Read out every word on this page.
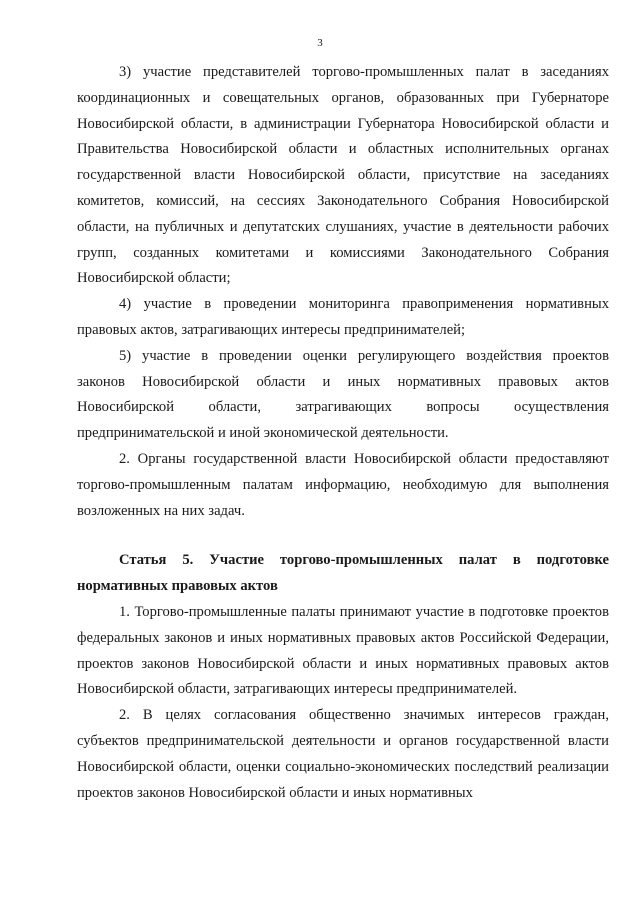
3

3) участие представителей торгово-промышленных палат в заседаниях координационных и совещательных органов, образованных при Губернаторе Новосибирской области, в администрации Губернатора Новосибирской области и Правительства Новосибирской области и областных исполнительных органах государственной власти Новосибирской области, присутствие на заседаниях комитетов, комиссий, на сессиях Законодательного Собрания Новосибирской области, на публичных и депутатских слушаниях, участие в деятельности рабочих групп, созданных комитетами и комиссиями Законодательного Собрания Новосибирской области;

4) участие в проведении мониторинга правоприменения нормативных правовых актов, затрагивающих интересы предпринимателей;

5) участие в проведении оценки регулирующего воздействия проектов законов Новосибирской области и иных нормативных правовых актов Новосибирской области, затрагивающих вопросы осуществления предпринимательской и иной экономической деятельности.

2. Органы государственной власти Новосибирской области предоставляют торгово-промышленным палатам информацию, необходимую для выполнения возложенных на них задач.

Статья 5. Участие торгово-промышленных палат в подготовке нормативных правовых актов

1. Торгово-промышленные палаты принимают участие в подготовке проектов федеральных законов и иных нормативных правовых актов Российской Федерации, проектов законов Новосибирской области и иных нормативных правовых актов Новосибирской области, затрагивающих интересы предпринимателей.

2. В целях согласования общественно значимых интересов граждан, субъектов предпринимательской деятельности и органов государственной власти Новосибирской области, оценки социально-экономических последствий реализации проектов законов Новосибирской области и иных нормативных
